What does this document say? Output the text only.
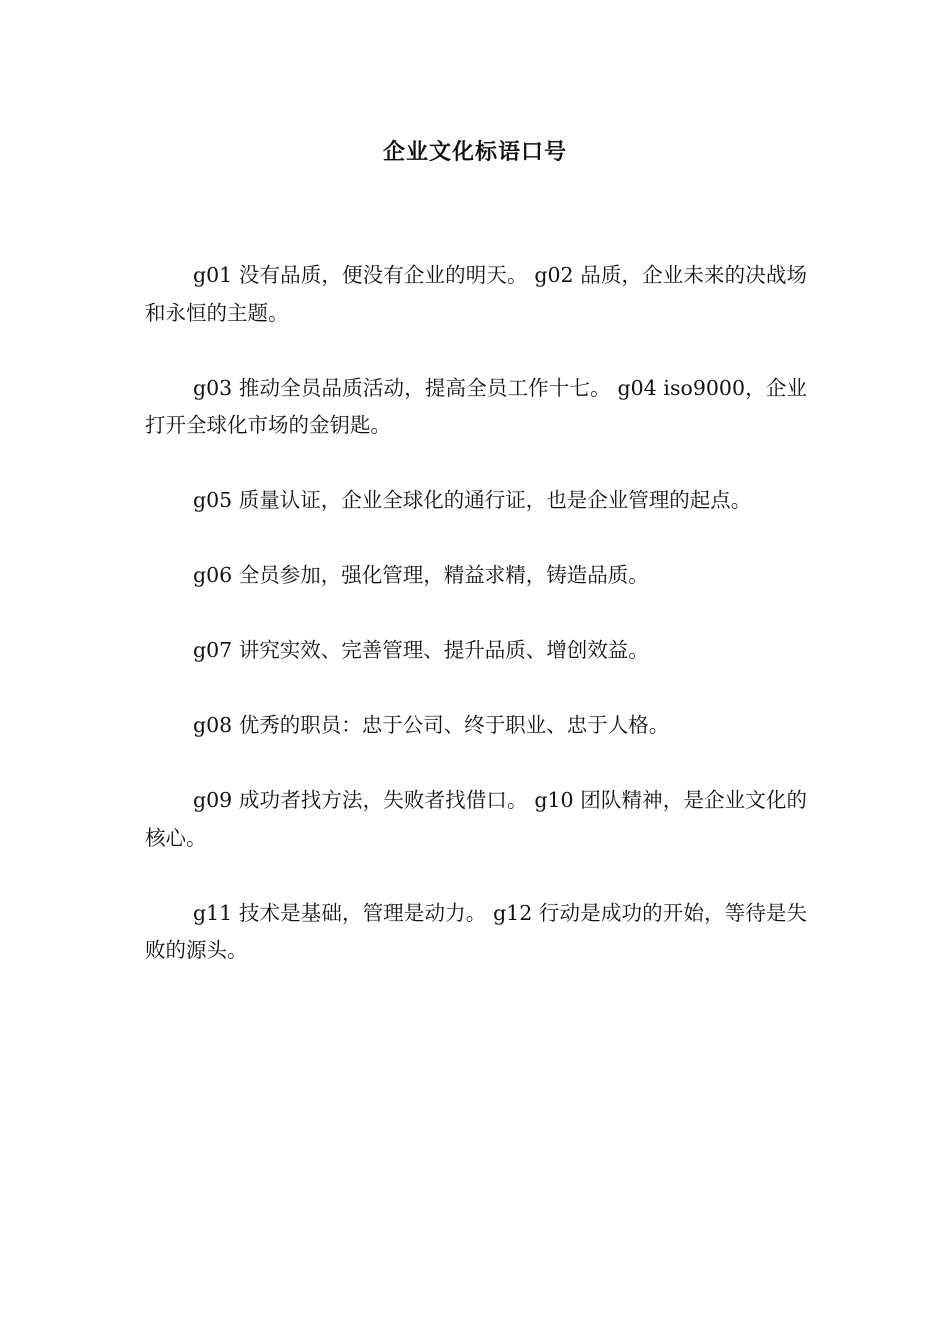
企业文化标语口号

g01 没有品质，便没有企业的明天。 g02 品质，企业未来的决战场和永恒的主题。

g03 推动全员品质活动，提高全员工作十七。 g04 iso9000，企业打开全球化市场的金钥匙。

g05 质量认证，企业全球化的通行证，也是企业管理的起点。

g06 全员参加，强化管理，精益求精，铸造品质。

g07 讲究实效、完善管理、提升品质、增创效益。

g08 优秀的职员：忠于公司、终于职业、忠于人格。

g09 成功者找方法，失败者找借口。 g10 团队精神，是企业文化的核心。

g11 技术是基础，管理是动力。 g12 行动是成功的开始，等待是失败的源头。
